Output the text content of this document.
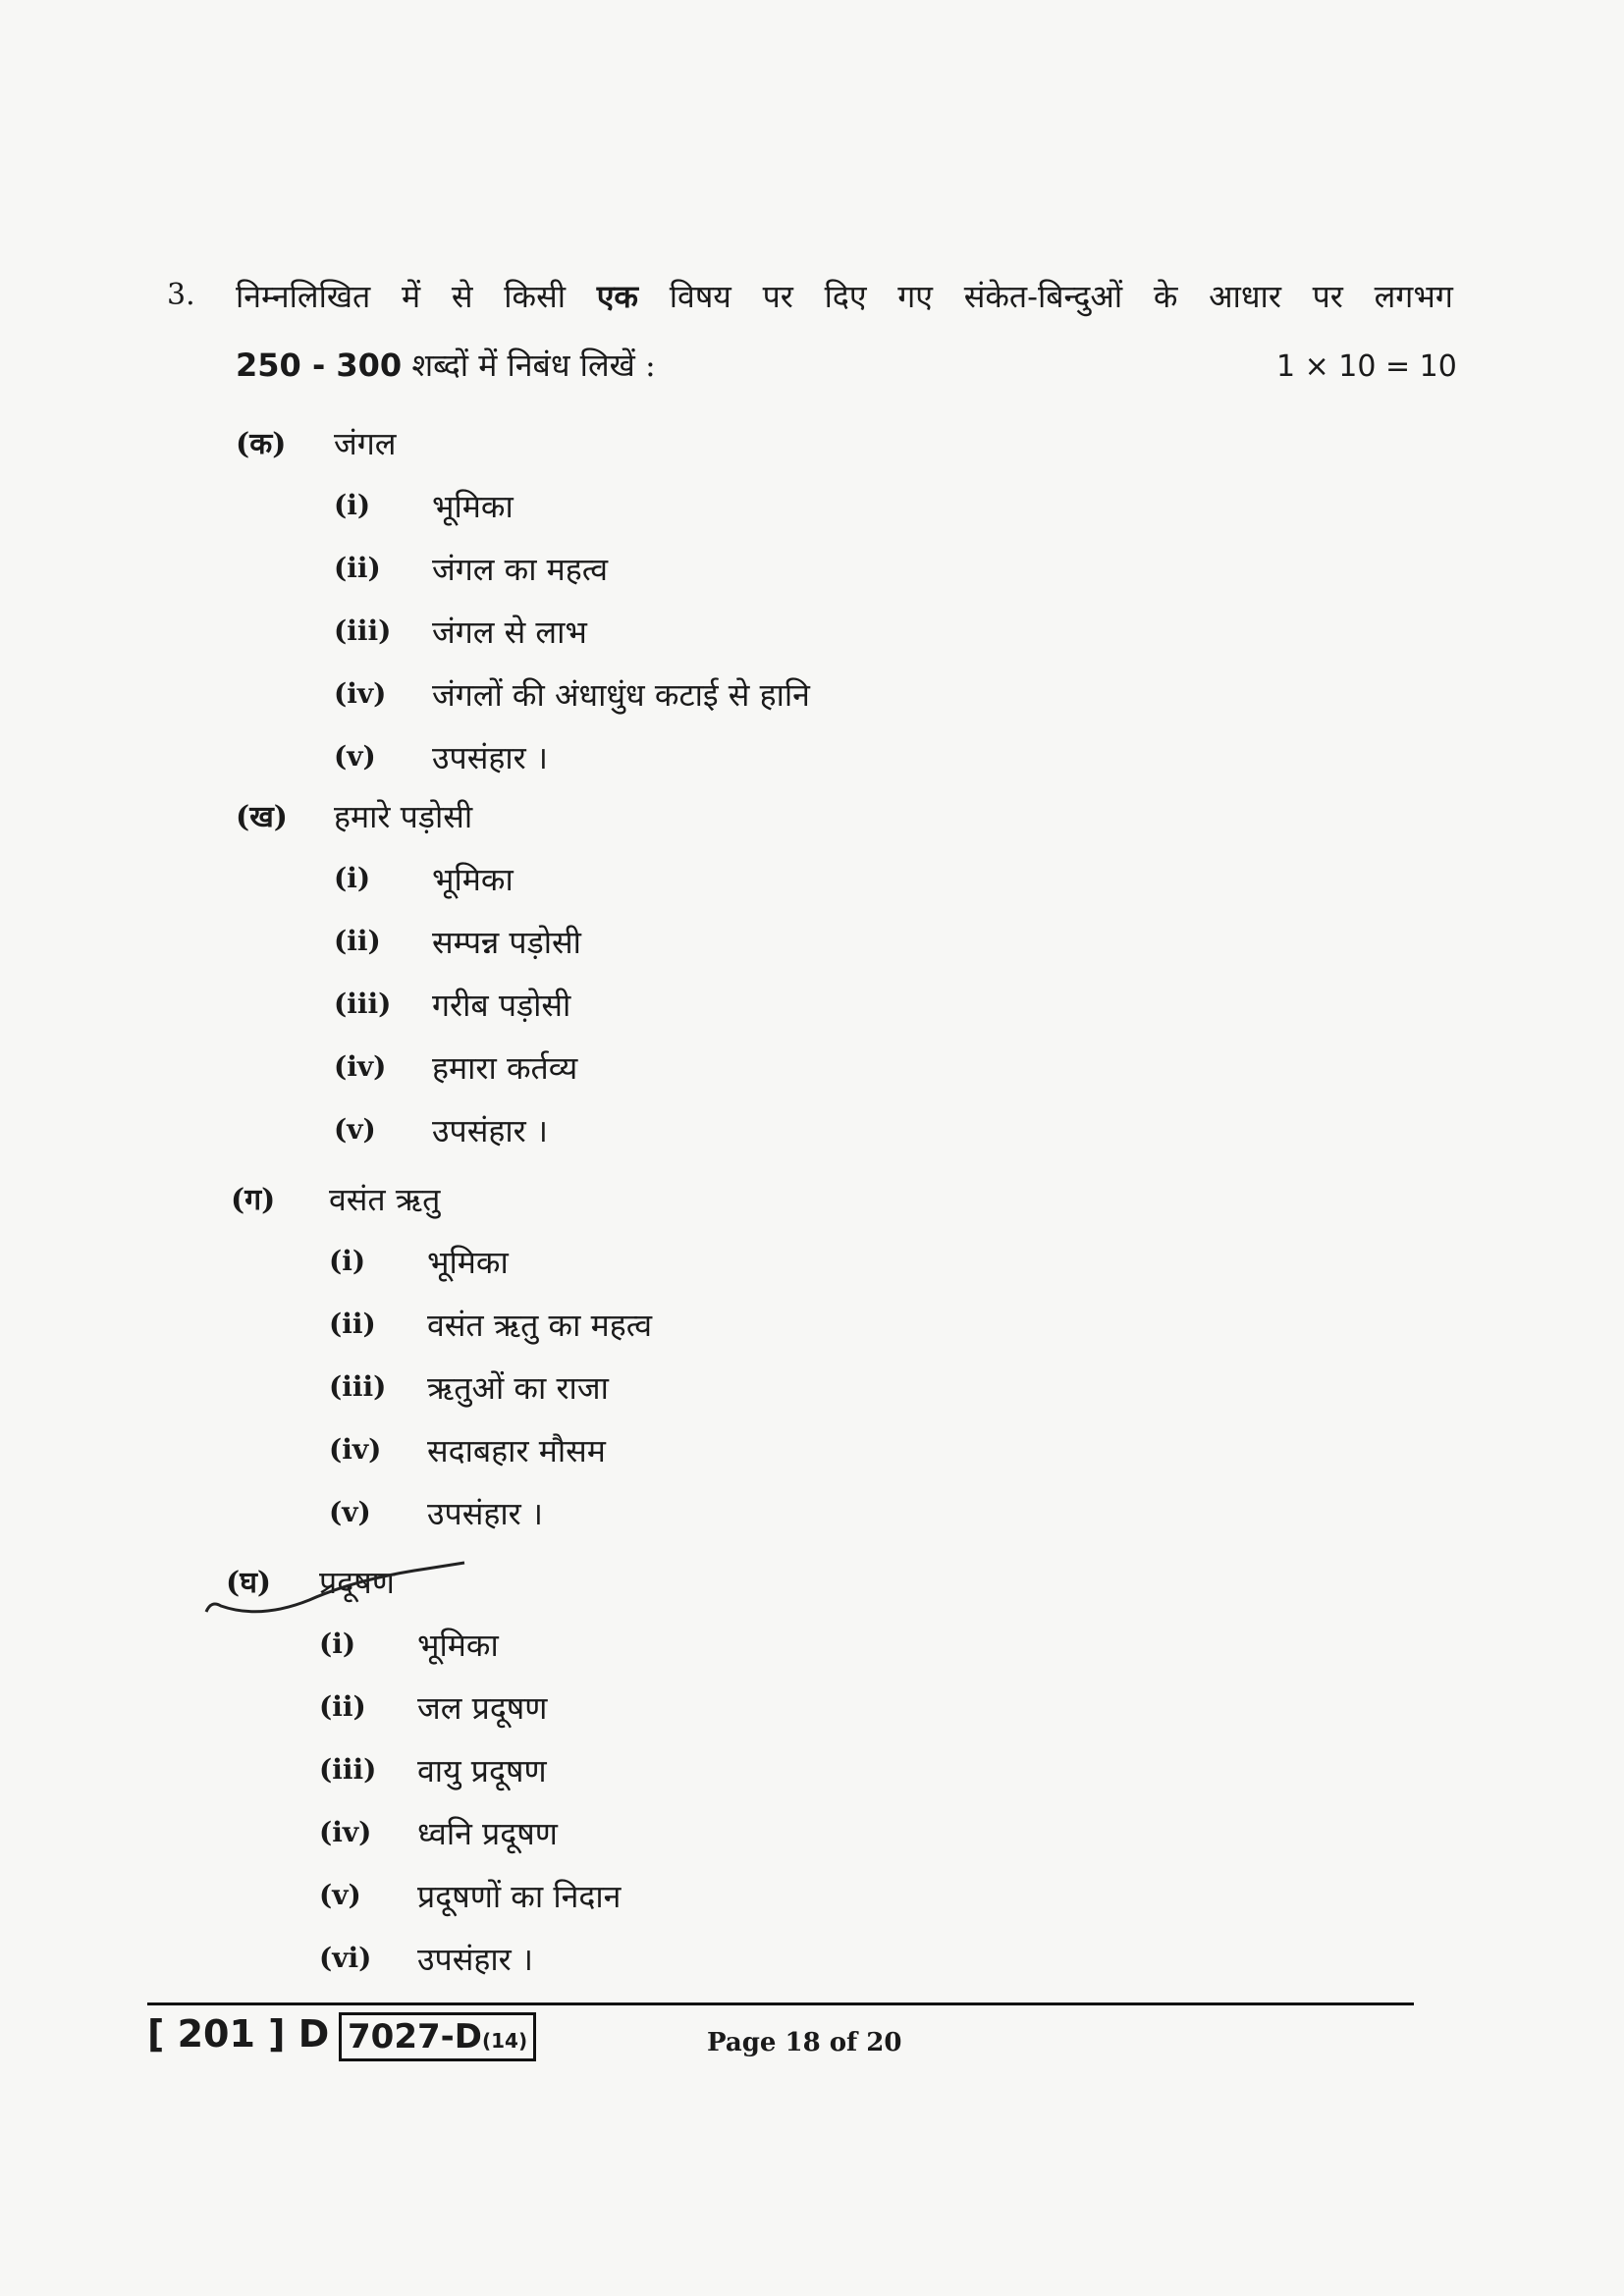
3. निम्नलिखित में से किसी एक विषय पर दिए गए संकेत-बिन्दुओं के आधार पर लगभग
250 - 300 शब्दों में निबंध लिखें :	1 × 10 = 10
(क) जंगल
(i) भूमिका
(ii) जंगल का महत्व
(iii) जंगल से लाभ
(iv) जंगलों की अंधाधुंध कटाई से हानि
(v) उपसंहार ।
(ख) हमारे पड़ोसी
(i) भूमिका
(ii) सम्पन्न पड़ोसी
(iii) गरीब पड़ोसी
(iv) हमारा कर्तव्य
(v) उपसंहार ।
(ग) वसंत ऋतु
(i) भूमिका
(ii) वसंत ऋतु का महत्व
(iii) ऋतुओं का राजा
(iv) सदाबहार मौसम
(v) उपसंहार ।
(घ) प्रदूषण
(i) भूमिका
(ii) जल प्रदूषण
(iii) वायु प्रदूषण
(iv) ध्वनि प्रदूषण
(v) प्रदूषणों का निदान
(vi) उपसंहार ।
[ 201 ] D 7027-D(14)	Page 18 of 20
